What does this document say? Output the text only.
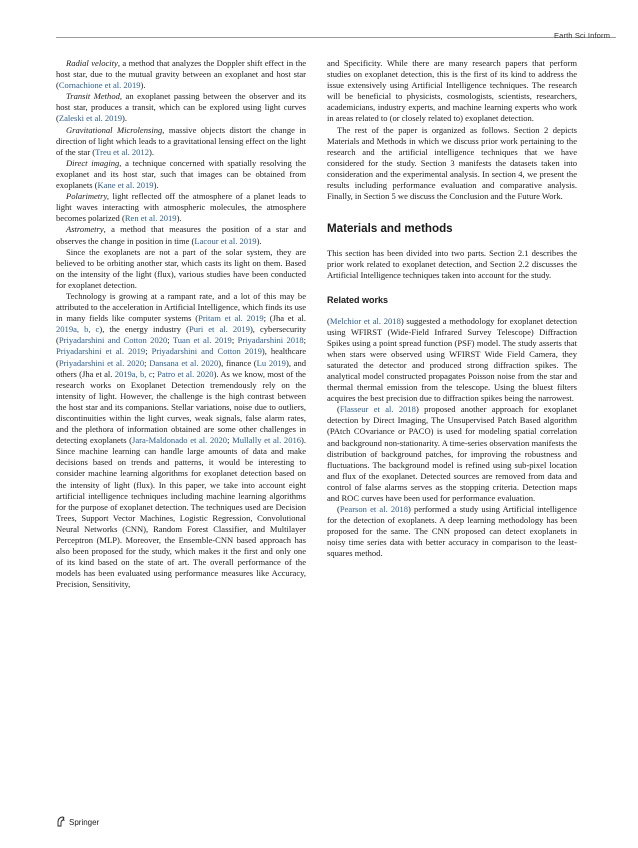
Earth Sci Inform

Radial velocity, a method that analyzes the Doppler shift effect in the host star, due to the mutual gravity between an exoplanet and host star (Cornachione et al. 2019).

Transit Method, an exoplanet passing between the observer and its host star, produces a transit, which can be explored using light curves (Zaleski et al. 2019).

Gravitational Microlensing, massive objects distort the change in direction of light which leads to a gravitational lensing effect on the light of the star (Treu et al. 2012).

Direct imaging, a technique concerned with spatially resolving the exoplanet and its host star, such that images can be obtained from exoplanets (Kane et al. 2019).

Polarimetry, light reflected off the atmosphere of a planet leads to light waves interacting with atmospheric molecules, the atmosphere becomes polarized (Ren et al. 2019).

Astrometry, a method that measures the position of a star and observes the change in position in time (Lacour et al. 2019).

Since the exoplanets are not a part of the solar system, they are believed to be orbiting another star, which casts its light on them. Based on the intensity of the light (flux), various studies have been conducted for exoplanet detection.

Technology is growing at a rampant rate, and a lot of this may be attributed to the acceleration in Artificial Intelligence, which finds its use in many fields like computer systems (Pritam et al. 2019; (Jha et al. 2019a, b, c), the energy industry (Puri et al. 2019), cybersecurity (Priyadarshini and Cotton 2020; Tuan et al. 2019; Priyadarshini 2018; Priyadarshini et al. 2019; Priyadarshini and Cotton 2019), healthcare (Priyadarshini et al. 2020; Dansana et al. 2020), finance (Lu 2019), and others (Jha et al. 2019a, b, c; Patro et al. 2020). As we know, most of the research works on Exoplanet Detection tremendously rely on the intensity of light. However, the challenge is the high contrast between the host star and its companions. Stellar variations, noise due to outliers, discontinuities within the light curves, weak signals, false alarm rates, and the plethora of information obtained are some other challenges in detecting exoplanets (Jara-Maldonado et al. 2020; Mullally et al. 2016). Since machine learning can handle large amounts of data and make decisions based on trends and patterns, it would be interesting to consider machine learning algorithms for exoplanet detection based on the intensity of light (flux). In this paper, we take into account eight artificial intelligence techniques including machine learning algorithms for the purpose of exoplanet detection. The techniques used are Decision Trees, Support Vector Machines, Logistic Regression, Convolutional Neural Networks (CNN), Random Forest Classifier, and Multilayer Perceptron (MLP). Moreover, the Ensemble-CNN based approach has also been proposed for the study, which makes it the first and only one of its kind based on the state of art. The overall performance of the models has been evaluated using performance measures like Accuracy, Precision, Sensitivity,

and Specificity. While there are many research papers that perform studies on exoplanet detection, this is the first of its kind to address the issue extensively using Artificial Intelligence techniques. The research will be beneficial to physicists, cosmologists, scientists, researchers, academicians, industry experts, and machine learning experts who work in areas related to (or closely related to) exoplanet detection.

The rest of the paper is organized as follows. Section 2 depicts Materials and Methods in which we discuss prior work pertaining to the research and the artificial intelligence techniques that we have considered for the study. Section 3 manifests the datasets taken into consideration and the experimental analysis. In section 4, we present the results including performance evaluation and comparative analysis. Finally, in Section 5 we discuss the Conclusion and the Future Work.

Materials and methods

This section has been divided into two parts. Section 2.1 describes the prior work related to exoplanet detection, and Section 2.2 discusses the Artificial Intelligence techniques taken into account for the study.

Related works

(Melchior et al. 2018) suggested a methodology for exoplanet detection using WFIRST (Wide-Field Infrared Survey Telescope) Diffraction Spikes using a point spread function (PSF) model. The study asserts that when stars were observed using WFIRST Wide Field Camera, they saturated the detector and produced strong diffraction spikes. The analytical model constructed propagates Poisson noise from the star and thermal thermal emission from the telescope. Using the bluest filters acquires the best precision due to diffraction spikes being the narrowest.

(Flasseur et al. 2018) proposed another approach for exoplanet detection by Direct Imaging, The Unsupervised Patch Based algorithm (PAtch COvariance or PACO) is used for modeling spatial correlation and background non-stationarity. A time-series observation manifests the distribution of background patches, for improving the robustness and fluctuations. The background model is refined using sub-pixel location and flux of the exoplanet. Detected sources are removed from data and control of false alarms serves as the stopping criteria. Detection maps and ROC curves have been used for performance evaluation.

(Pearson et al. 2018) performed a study using Artificial intelligence for the detection of exoplanets. A deep learning methodology has been proposed for the same. The CNN proposed can detect exoplanets in noisy time series data with better accuracy in comparison to the least-squares method.

Springer
